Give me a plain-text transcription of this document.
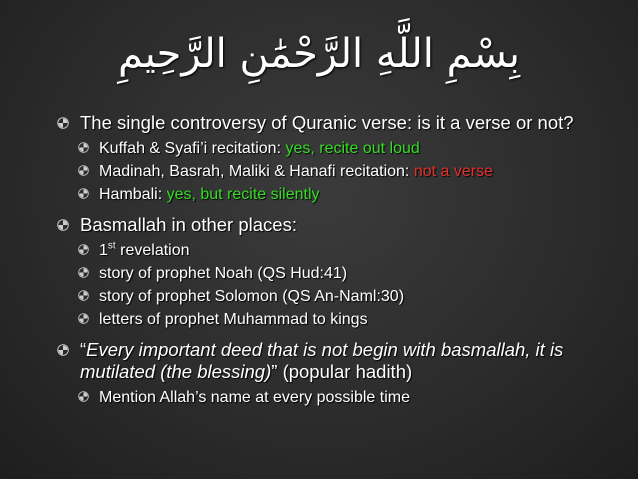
بِسْمِ اللَّهِ الرَّحْمَٰنِ الرَّحِيمِ
The single controversy of Quranic verse: is it a verse or not?
Kuffah & Syafi’i recitation: yes, recite out loud
Madinah, Basrah, Maliki & Hanafi recitation: not a verse
Hambali: yes, but recite silently
Basmallah in other places:
1st revelation
story of prophet Noah (QS Hud:41)
story of prophet Solomon (QS An-Naml:30)
letters of prophet Muhammad to kings
“Every important deed that is not begin with basmallah, it is mutilated (the blessing)” (popular hadith)
Mention Allah’s name at every possible time
